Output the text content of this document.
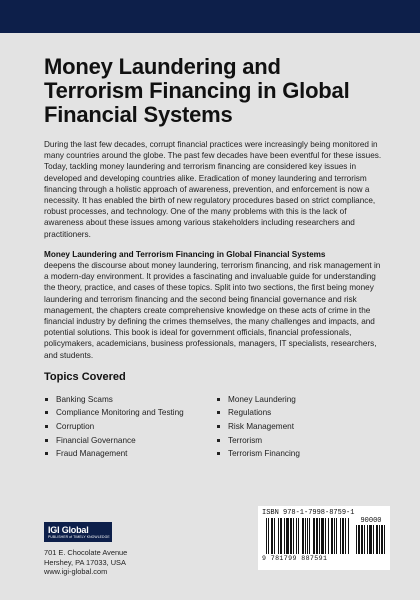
Money Laundering and Terrorism Financing in Global Financial Systems

During the last few decades, corrupt financial practices were increasingly being monitored in many countries around the globe. The past few decades have been eventful for these issues. Today, tackling money laundering and terrorism financing are considered key issues in developed and developing countries alike. Eradication of money laundering and terrorism financing through a holistic approach of awareness, prevention, and enforcement is now a necessity. It has enabled the birth of new regulatory procedures based on strict compliance, robust processes, and technology. One of the many problems with this is the lack of awareness about these issues among various stakeholders including researchers and practitioners.

Money Laundering and Terrorism Financing in Global Financial Systems
deepens the discourse about money laundering, terrorism financing, and risk management in a modern-day environment. It provides a fascinating and invaluable guide for understanding the theory, practice, and cases of these topics. Split into two sections, the first being money laundering and terrorism financing and the second being financial governance and risk management, the chapters create comprehensive knowledge on these acts of crime in the financial industry by defining the crimes themselves, the many challenges and impacts, and potential solutions. This book is ideal for government officials, financial professionals, policymakers, academicians, business professionals, managers, IT specialists, researchers, and students.

Topics Covered
Banking Scams
Compliance Monitoring and Testing
Corruption
Financial Governance
Fraud Management
Money Laundering
Regulations
Risk Management
Terrorism
Terrorism Financing
IGI Global
PUBLISHER of TIMELY KNOWLEDGE
701 E. Chocolate Avenue
Hershey, PA 17033, USA
www.igi-global.com
ISBN 978-1-7998-8759-1
90000
9 781799 887591
